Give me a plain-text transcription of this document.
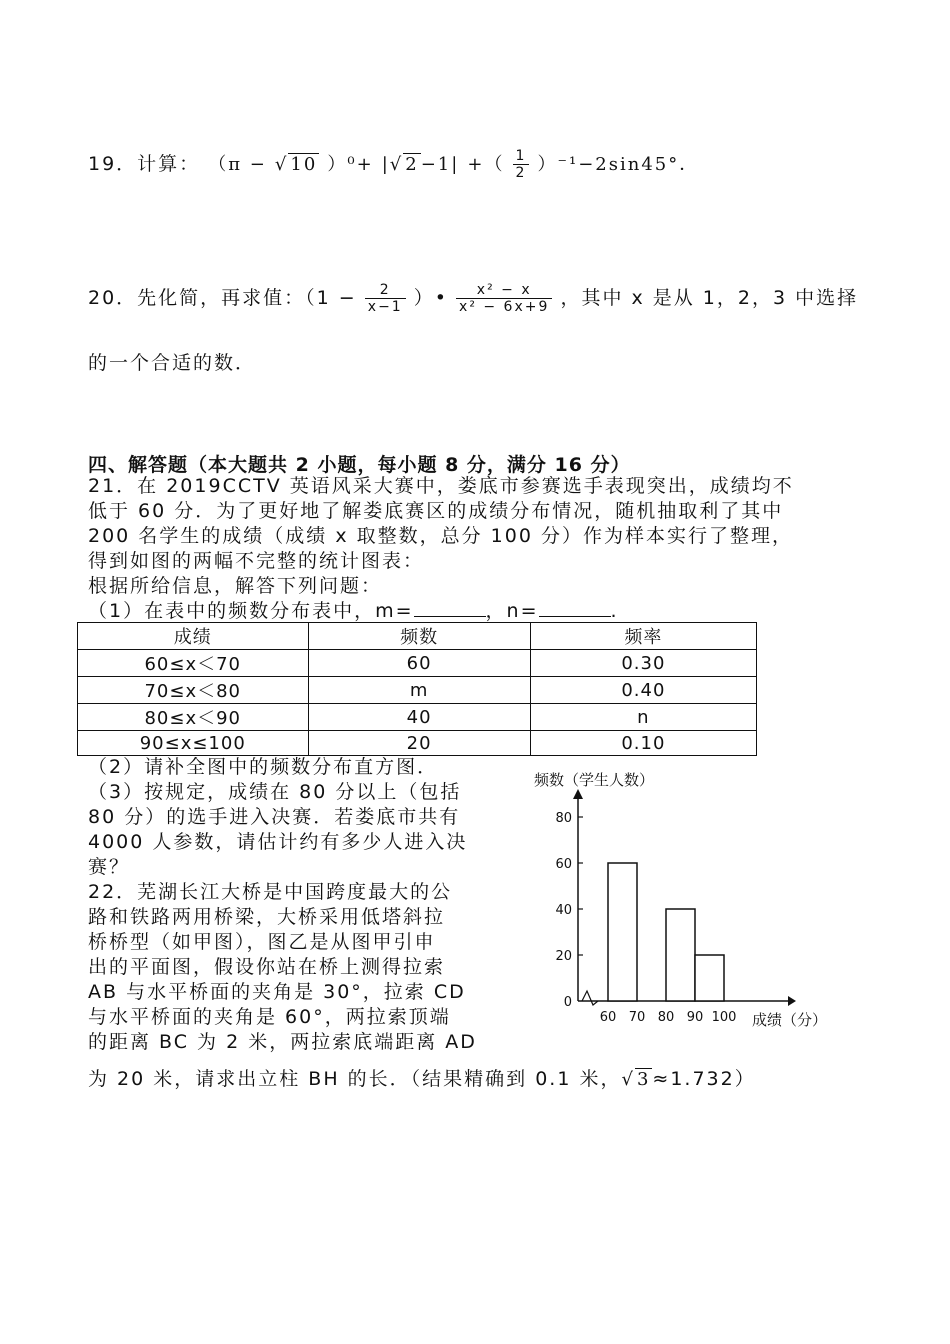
19．计算： （π − √ 10 ）⁰+ |√ 2 −1| +（ $\frac{1}{2} )^{-1}-2\sin 45^\circ$．
20．先化简，再求值：（$1 - \frac{2}{x-1}$ ）• $\frac{\text{x² − x}}{\text{x² − 6x+9}}$ ，其中 x 是从 1，2，3 中选择
的一个合适的数．
四、解答题（本大题共 2 小题，每小题 8 分，满分 16 分）
21．在 2019CCTV 英语风采大赛中，娄底市参赛选手表现突出，成绩均不
低于 60 分．为了更好地了解娄底赛区的成绩分布情况，随机抽取利了其中
200 名学生的成绩（成绩 x 取整数，总分 100 分）作为样本实行了整理，
得到如图的两幅不完整的统计图表：
根据所给信息，解答下列问题：
（1）在表中的频数分布表中，m=	，n=	.
成绩	频数	频率
60≤x＜70	60	0.30
70≤x＜80	m	0.40
80≤x＜90	40	n
90≤x≤100	20	0.10
（2）请补全图中的频数分布直方图．
（3）按规定，成绩在 80 分以上（包括
80 分）的选手进入决赛．若娄底市共有
4000 人参数，请估计约有多少人进入决
赛？
22．芜湖长江大桥是中国跨度最大的公
路和铁路两用桥梁，大桥采用低塔斜拉
桥桥型（如甲图），图乙是从图甲引申
出的平面图，假设你站在桥上测得拉索
AB 与水平桥面的夹角是 30°，拉索 CD
与水平桥面的夹角是 60°，两拉索顶端
的距离 BC 为 2 米，两拉索底端距离 AD
为 20 米，请求出立柱 BH 的长．（结果精确到 0.1 米，√ 3 ≈1.732）
频数（学生人数）
成绩（分）
0
20
40
60
80
60 70 80 90 100
